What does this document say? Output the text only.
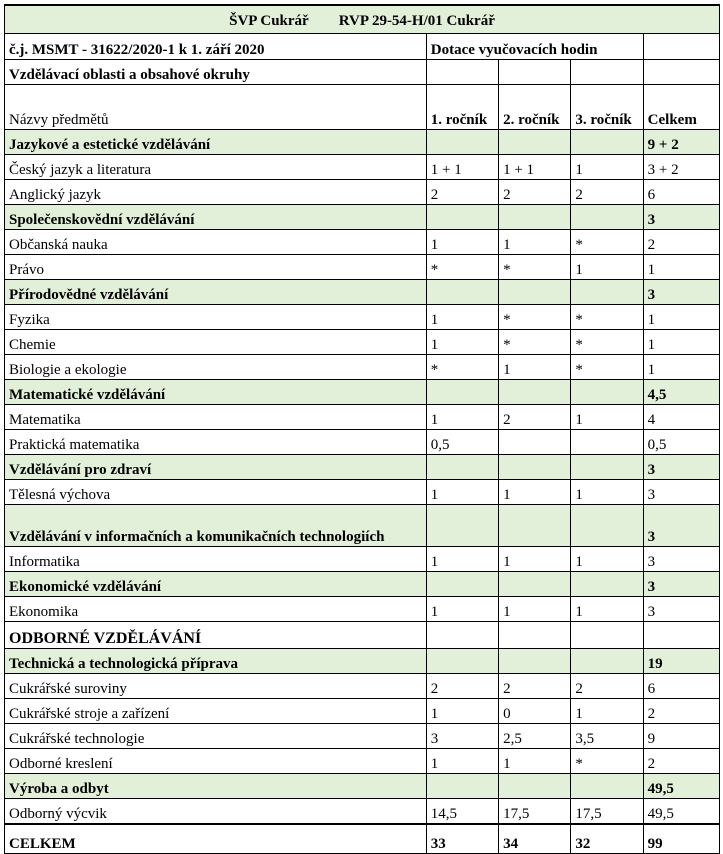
ŠVP Cukrář        RVP 29-54-H/01 Cukrář				
č.j. MSMT - 31622/2020-1 k 1. září 2020	Dotace vyučovacích hodin			
Vzdělávací oblasti a obsahové okruhy				
Názvy předmětů	1. ročník	2. ročník	3. ročník	Celkem
Jazykové a estetické vzdělávání				9 + 2
Český jazyk a literatura	1 + 1	1 + 1	1	3 + 2
Anglický jazyk	2	2	2	6
Společenskovědní vzdělávání				3
Občanská nauka	1	1	*	2
Právo	*	*	1	1
Přírodovědné vzdělávání				3
Fyzika	1	*	*	1
Chemie	1	*	*	1
Biologie a ekologie	*	1	*	1
Matematické vzdělávání				4,5
Matematika	1	2	1	4
Praktická matematika	0,5			0,5
Vzdělávání pro zdraví				3
Tělesná výchova	1	1	1	3
Vzdělávání v informačních a komunikačních technologiích				3
Informatika	1	1	1	3
Ekonomické vzdělávání				3
Ekonomika	1	1	1	3
ODBORNÉ VZDĚLÁVÁNÍ				
Technická a technologická příprava				19
Cukrářské suroviny	2	2	2	6
Cukrářské stroje a zařízení	1	0	1	2
Cukrářské technologie	3	2,5	3,5	9
Odborné kreslení	1	1	*	2
Výroba a odbyt				49,5
Odborný výcvik	14,5	17,5	17,5	49,5
CELKEM	33	34	32	99
